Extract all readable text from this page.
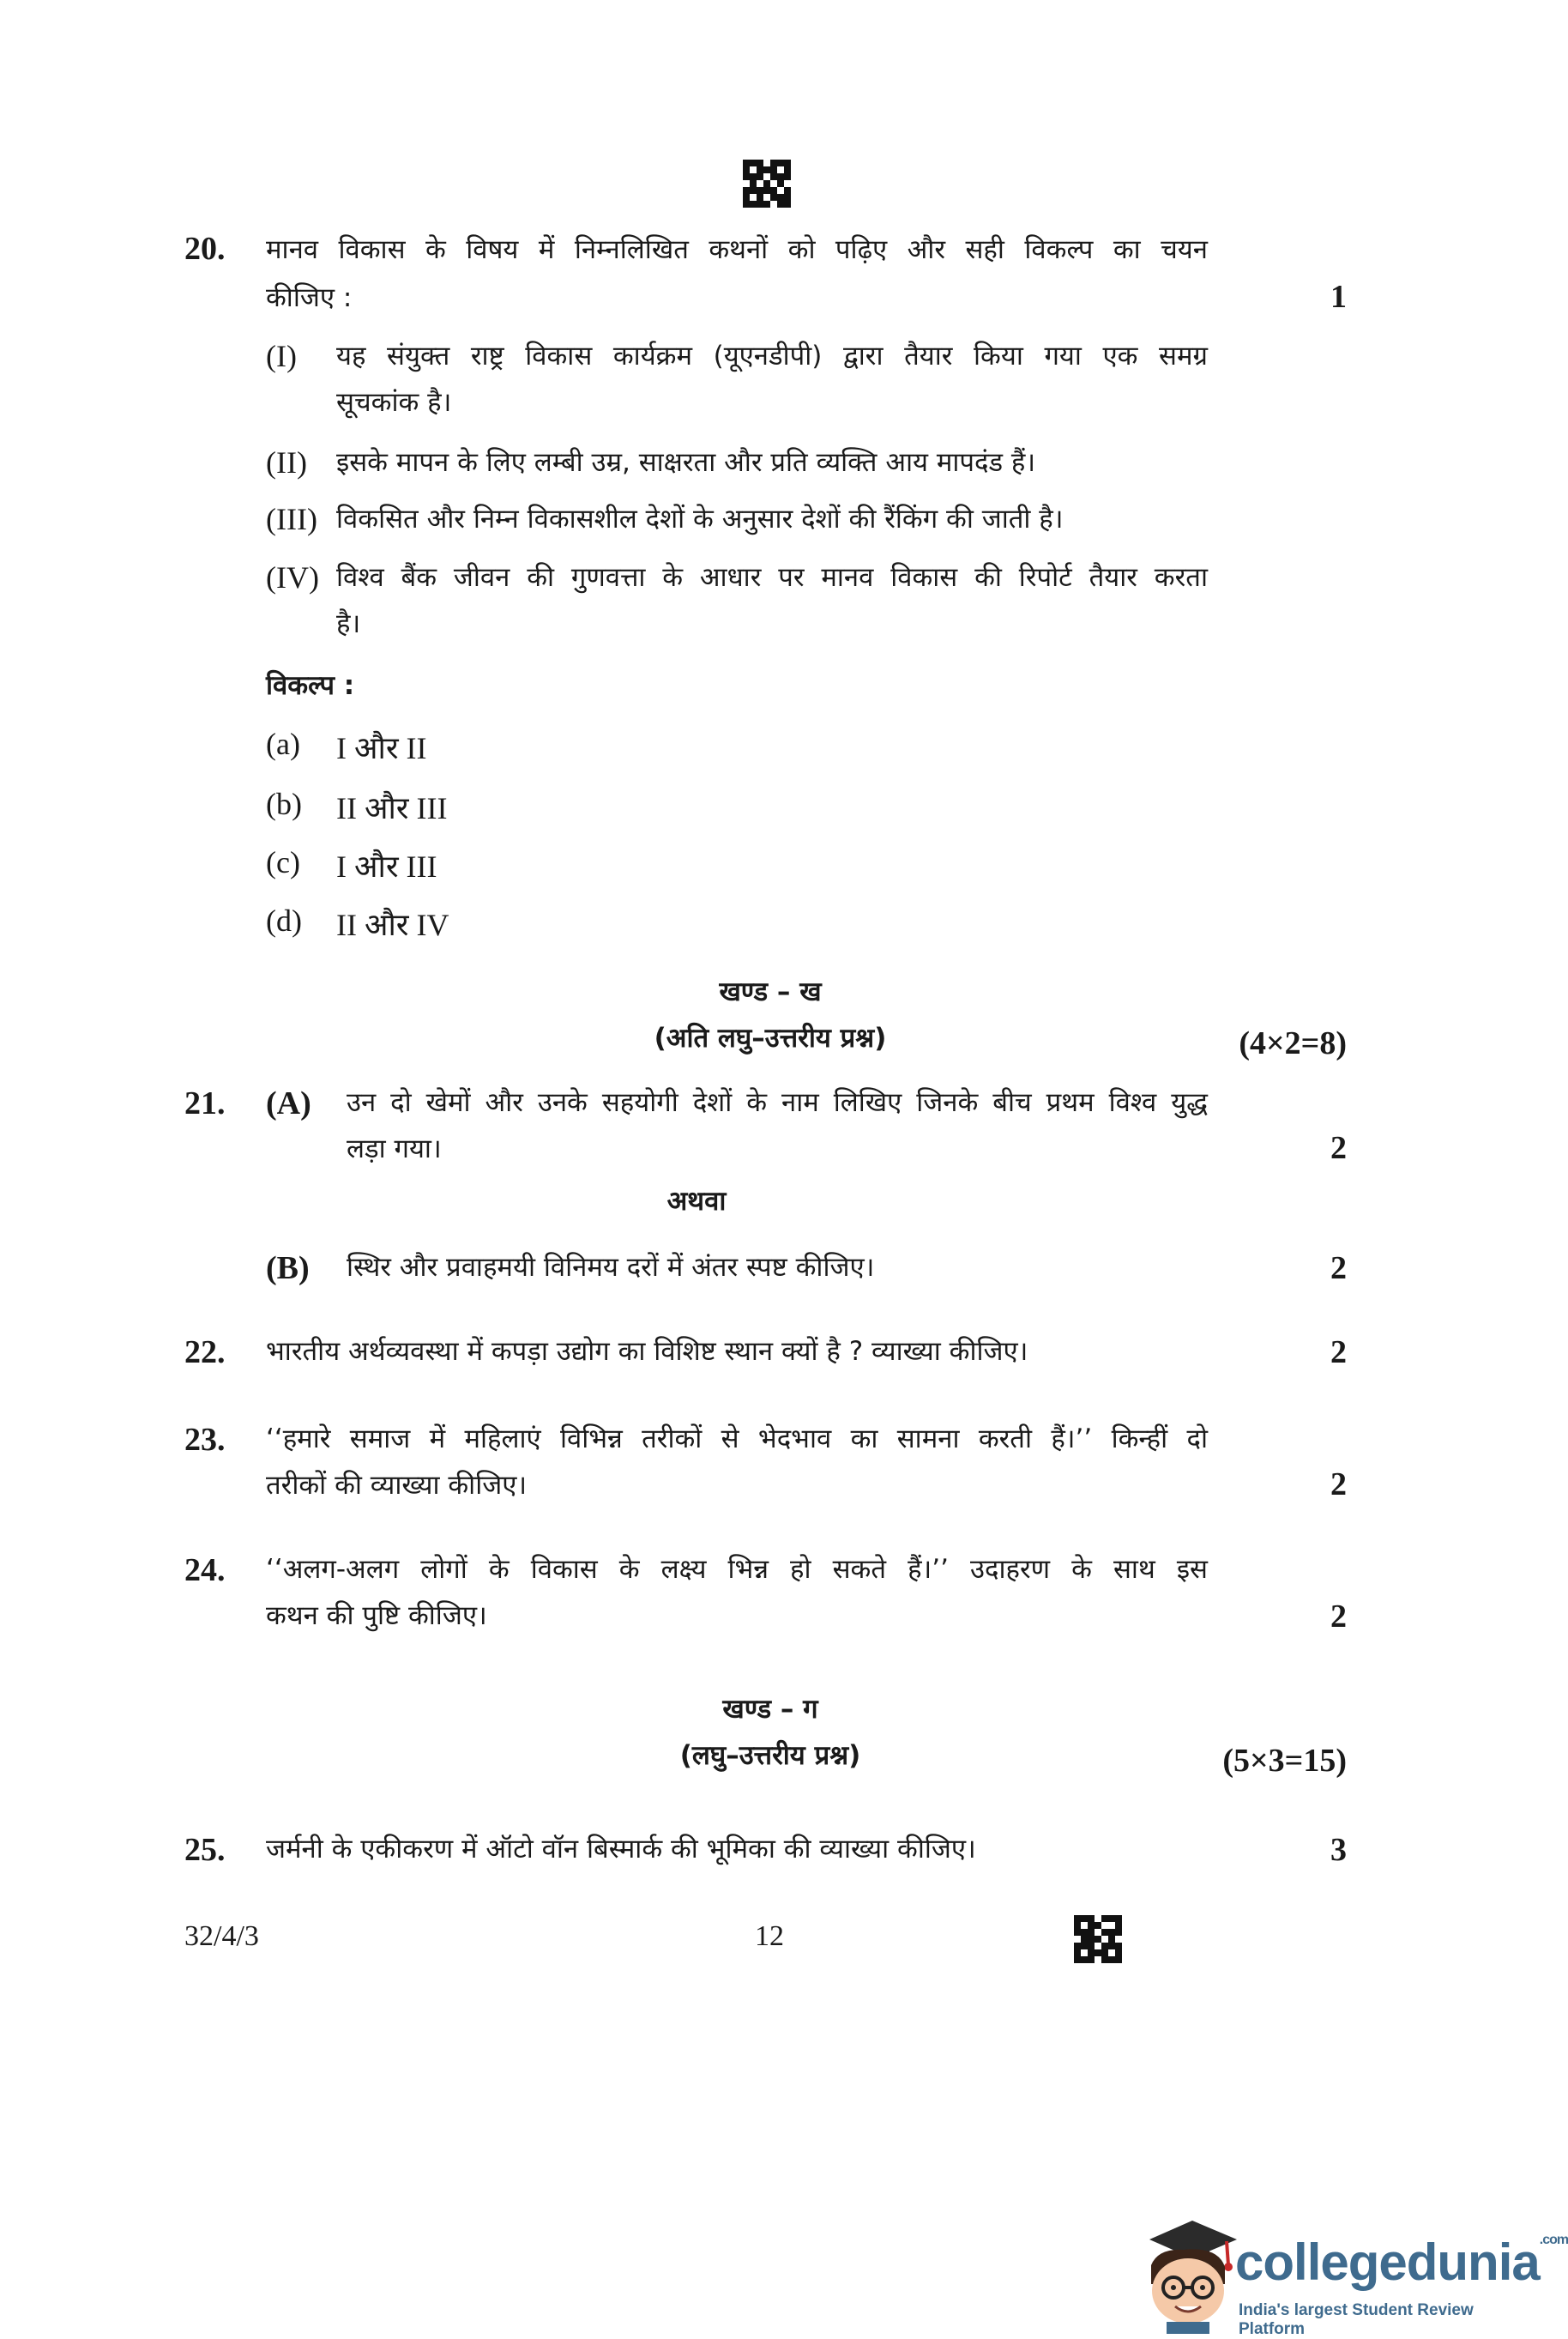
20. मानव विकास के विषय में निम्नलिखित कथनों को पढ़िए और सही विकल्प का चयन
कीजिए :	1
(I) यह संयुक्त राष्ट्र विकास कार्यक्रम (यूएनडीपी) द्वारा तैयार किया गया एक समग्र
सूचकांक है।
(II) इसके मापन के लिए लम्बी उम्र, साक्षरता और प्रति व्यक्ति आय मापदंड हैं।
(III) विकसित और निम्न विकासशील देशों के अनुसार देशों की रैंकिंग की जाती है।
(IV) विश्व बैंक जीवन की गुणवत्ता के आधार पर मानव विकास की रिपोर्ट तैयार करता
है।
विकल्प :
(a) I और II
(b) II और III
(c) I और III
(d) II और IV
खण्ड – ख
(अति लघु–उत्तरीय प्रश्न)	(4×2=8)
21. (A) उन दो खेमों और उनके सहयोगी देशों के नाम लिखिए जिनके बीच प्रथम विश्व युद्ध
लड़ा गया।	2
अथवा
(B) स्थिर और प्रवाहमयी विनिमय दरों में अंतर स्पष्ट कीजिए।	2
22. भारतीय अर्थव्यवस्था में कपड़ा उद्योग का विशिष्ट स्थान क्यों है ? व्याख्या कीजिए।	2
23. ‘‘हमारे समाज में महिलाएं विभिन्न तरीकों से भेदभाव का सामना करती हैं।’’ किन्हीं दो
तरीकों की व्याख्या कीजिए।	2
24. ‘‘अलग-अलग लोगों के विकास के लक्ष्य भिन्न हो सकते हैं।’’ उदाहरण के साथ इस
कथन की पुष्टि कीजिए।	2
खण्ड – ग
(लघु–उत्तरीय प्रश्न)	(5×3=15)
25. जर्मनी के एकीकरण में ऑटो वॉन बिस्मार्क की भूमिका की व्याख्या कीजिए।	3
32/4/3	12
collegedunia$^{.com}$
India's largest Student Review Platform
